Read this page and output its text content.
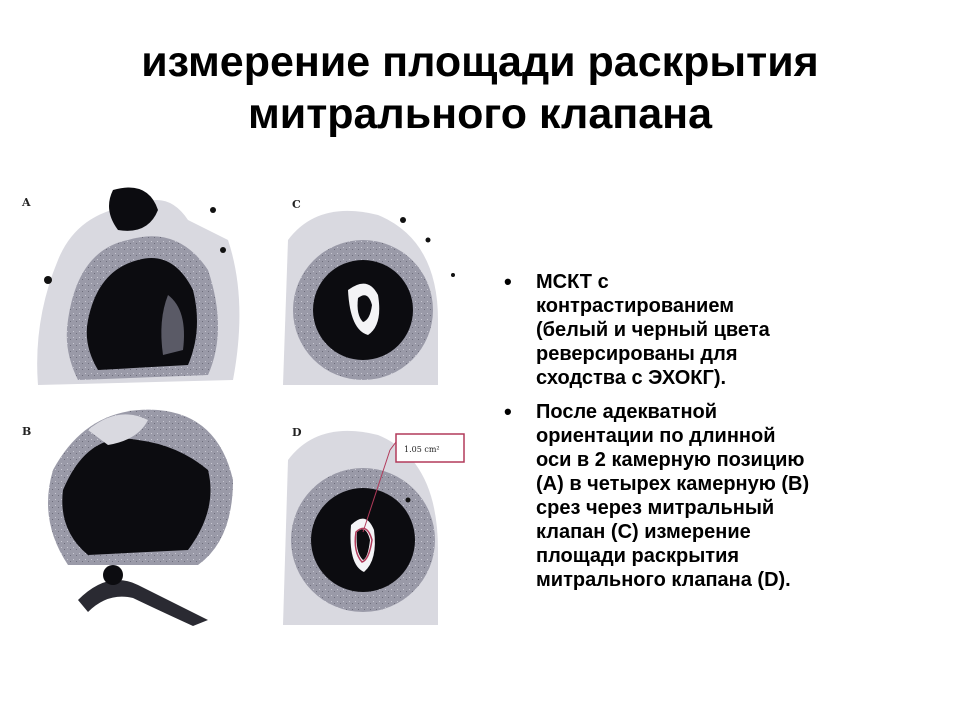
измерение площади раскрытия
митрального клапана
A	C
B	D
1.05 cm²
• МСКТ с
контрастированием
(белый и черный цвета
реверсированы для
сходства с ЭХОКГ).
• После адекватной
ориентации по длинной
оси в 2 камерную позицию
(А) в четырех камерную (В)
срез через митральный
клапан (С) измерение
площади раскрытия
митрального клапана (D).
